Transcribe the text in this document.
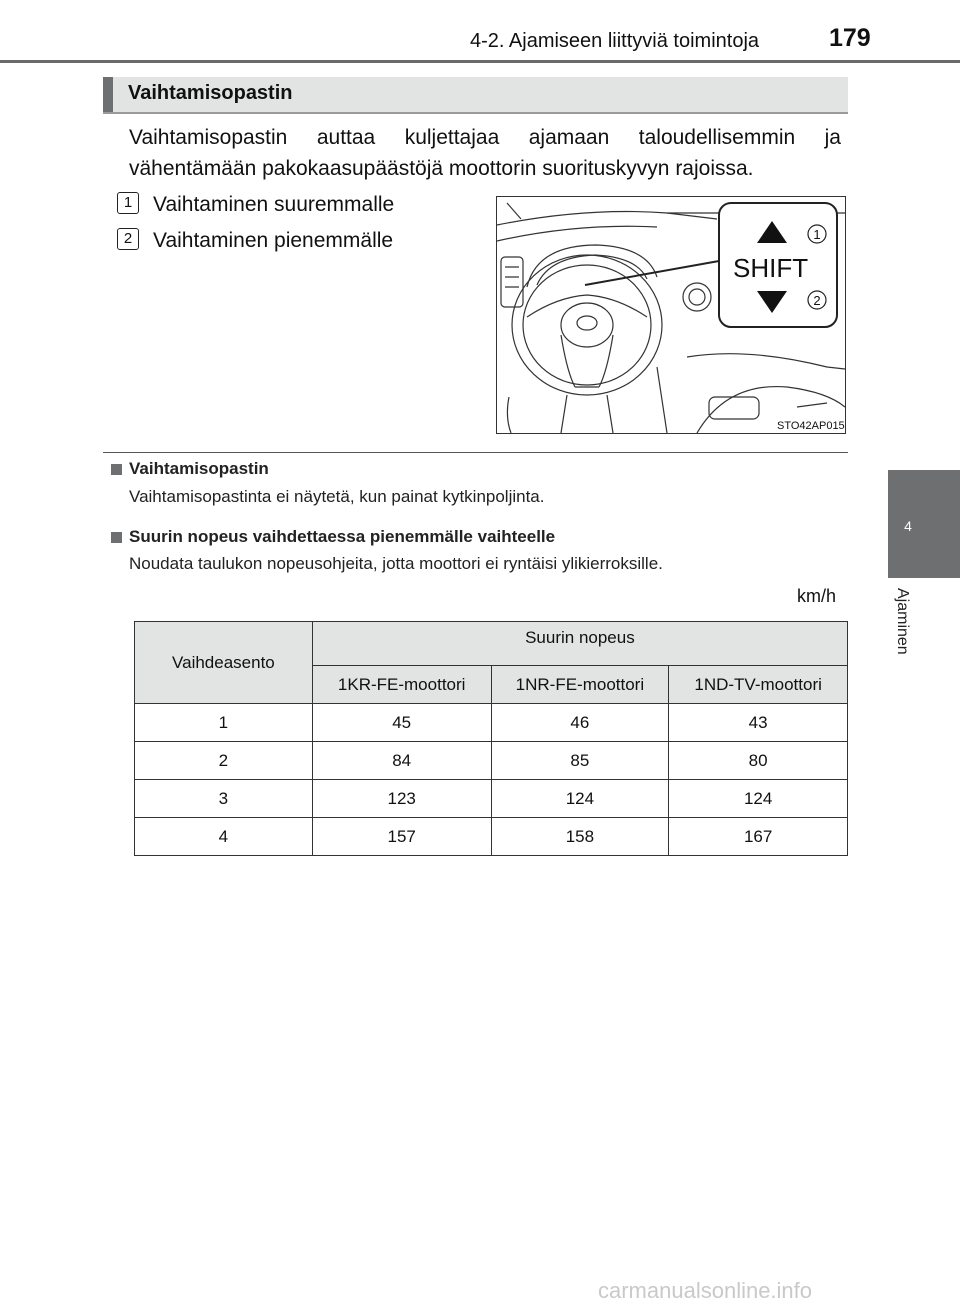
4-2. Ajamiseen liittyviä toimintoja	179
4
Ajaminen
Vaihtamisopastin
Vaihtamisopastin auttaa kuljettajaa ajamaan taloudellisemmin ja vähentämään pakokaasupäästöjä moottorin suorituskyvyn rajoissa.
1 Vaihtaminen suuremmalle
2 Vaihtaminen pienemmälle
SHIFT
1
2
STO42AP015
Vaihtamisopastin
Vaihtamisopastinta ei näytetä, kun painat kytkinpoljinta.
Suurin nopeus vaihdettaessa pienemmälle vaihteelle
Noudata taulukon nopeusohjeita, jotta moottori ei ryntäisi ylikierroksille.
km/h
Vaihdeasento	Suurin nopeus		
	1KR-FE-moottori	1NR-FE-moottori	1ND-TV-moottori
1	45	46	43
2	84	85	80
3	123	124	124
4	157	158	167
carmanualsonline.info
